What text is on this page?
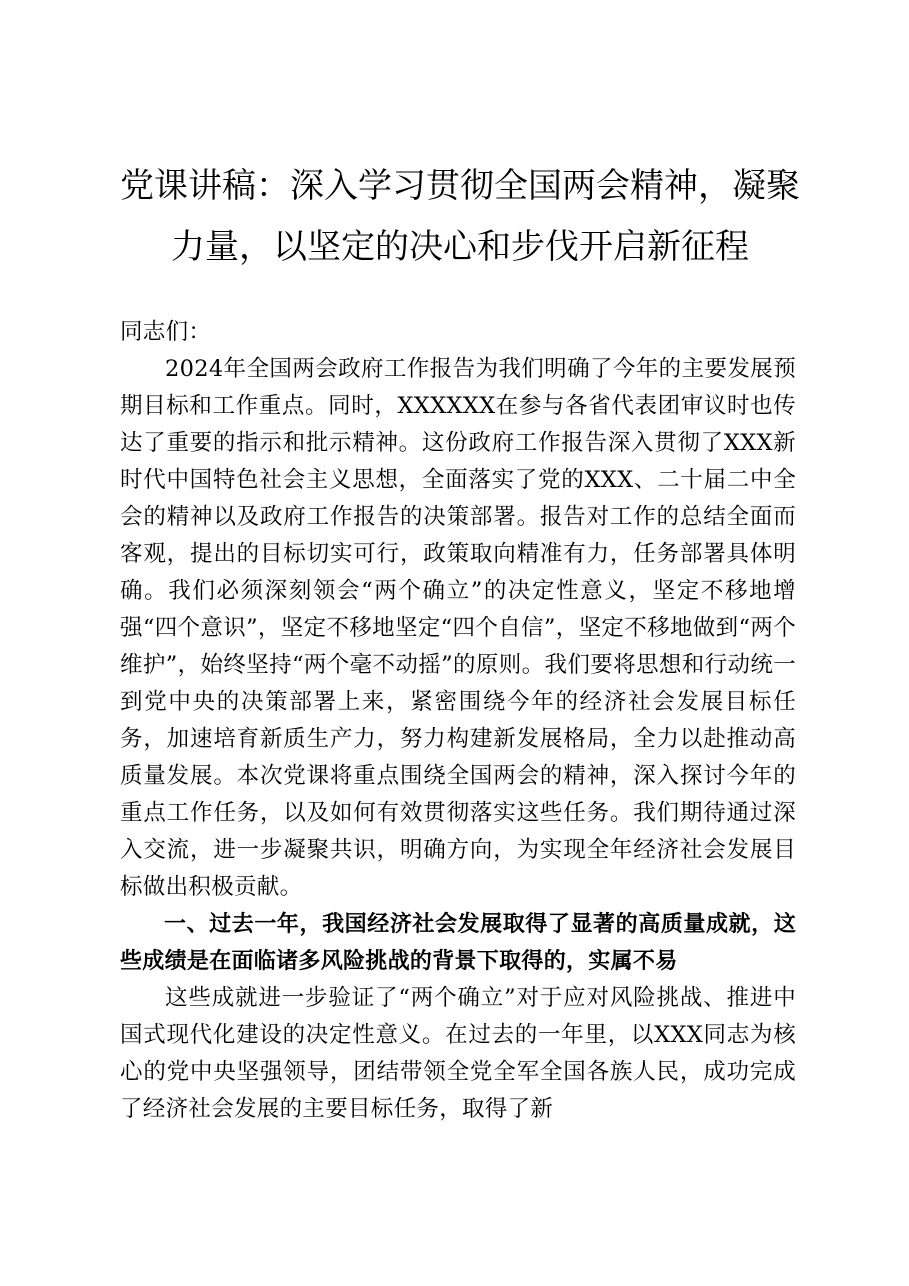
党课讲稿：深入学习贯彻全国两会精神，凝聚力量，以坚定的决心和步伐开启新征程

同志们：

2024年全国两会政府工作报告为我们明确了今年的主要发展预期目标和工作重点。同时，XXXXXX在参与各省代表团审议时也传达了重要的指示和批示精神。这份政府工作报告深入贯彻了XXX新时代中国特色社会主义思想，全面落实了党的XXX、二十届二中全会的精神以及政府工作报告的决策部署。报告对工作的总结全面而客观，提出的目标切实可行，政策取向精准有力，任务部署具体明确。我们必须深刻领会“两个确立”的决定性意义，坚定不移地增强“四个意识”，坚定不移地坚定“四个自信”，坚定不移地做到“两个维护”，始终坚持“两个毫不动摇”的原则。我们要将思想和行动统一到党中央的决策部署上来，紧密围绕今年的经济社会发展目标任务，加速培育新质生产力，努力构建新发展格局，全力以赴推动高质量发展。本次党课将重点围绕全国两会的精神，深入探讨今年的重点工作任务，以及如何有效贯彻落实这些任务。我们期待通过深入交流，进一步凝聚共识，明确方向，为实现全年经济社会发展目标做出积极贡献。

一、过去一年，我国经济社会发展取得了显著的高质量成就，这些成绩是在面临诸多风险挑战的背景下取得的，实属不易

这些成就进一步验证了“两个确立”对于应对风险挑战、推进中国式现代化建设的决定性意义。在过去的一年里，以XXX同志为核心的党中央坚强领导，团结带领全党全军全国各族人民，成功完成了经济社会发展的主要目标任务，取得了新
